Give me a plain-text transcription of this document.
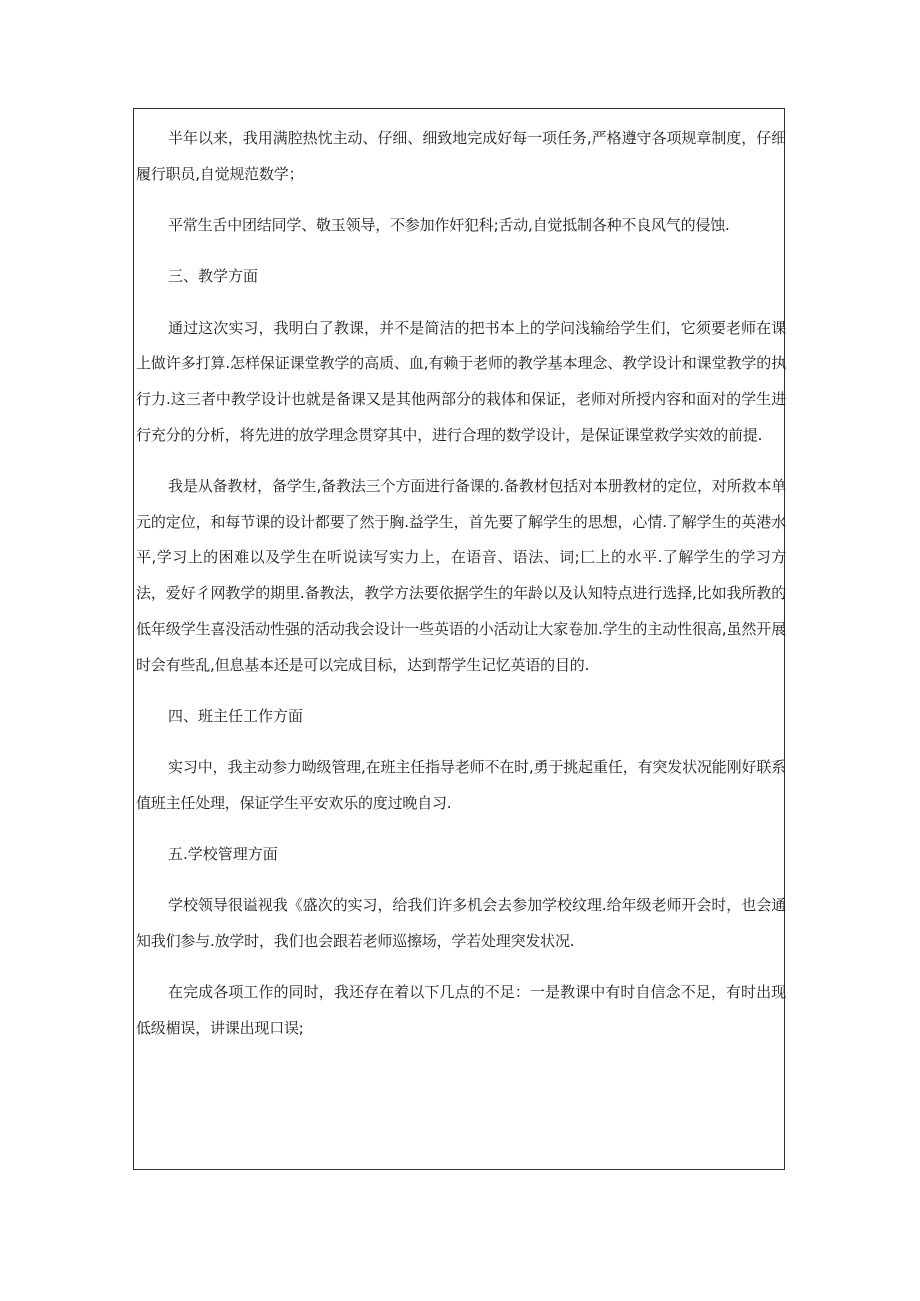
半年以来，我用满腔热忱主动、仔细、细致地完成好每一项任务,严格遵守各项规章制度，仔细履行职员,自觉规范数学；

平常生舌中团结同学、敬玉领导，不参加作奸犯科;舌动,自觉抵制各种不良风气的侵蚀.

三、教学方面

通过这次实习，我明白了教课，并不是简洁的把书本上的学问浅输给学生们，它须要老师在课上做许多打算.怎样保证课堂教学的高质、血,有赖于老师的教学基本理念、教学设计和课堂教学的执行力.这三者中教学设计也就是备课又是其他两部分的栽体和保证，老师对所授内容和面对的学生进行充分的分析，将先进的放学理念贯穿其中，进行合理的数学设计，是保证课堂救学实效的前提.

我是从备教材，备学生,备教法三个方面进行备课的.备教材包括对本册教材的定位，对所救本单元的定位，和每节课的设计都要了然于胸.益学生，首先要了解学生的思想，心情.了解学生的英港水平,学习上的困难以及学生在听说读写实力上，在语音、语法、词;匚上的水平.了解学生的学习方法，爱好彳网教学的期里.备教法，教学方法要依据学生的年龄以及认知特点进行选择,比如我所教的低年级学生喜没活动性强的活动我会设计一些英语的小活动让大家卷加.学生的主动性很高,虽然开展时会有些乱,但息基本还是可以完成目标，达到帮学生记忆英语的目的.

四、班主任工作方面

实习中，我主动参力呦级管理,在班主任指导老师不在时,勇于挑起重任，有突发状况能刚好联系值班主任处理，保证学生平安欢乐的度过晚自习.

五.学校管理方面

学校领导很谥视我《盛次的实习，给我们许多机会去参加学校纹理.给年级老师开会时，也会通知我们参与.放学时，我们也会跟若老师巡擦场，学若处理突发状况.

在完成各项工作的同时，我还存在着以下几点的不足：一是教课中有时自信念不足，有时出现低级楣误，讲课出现口误;
